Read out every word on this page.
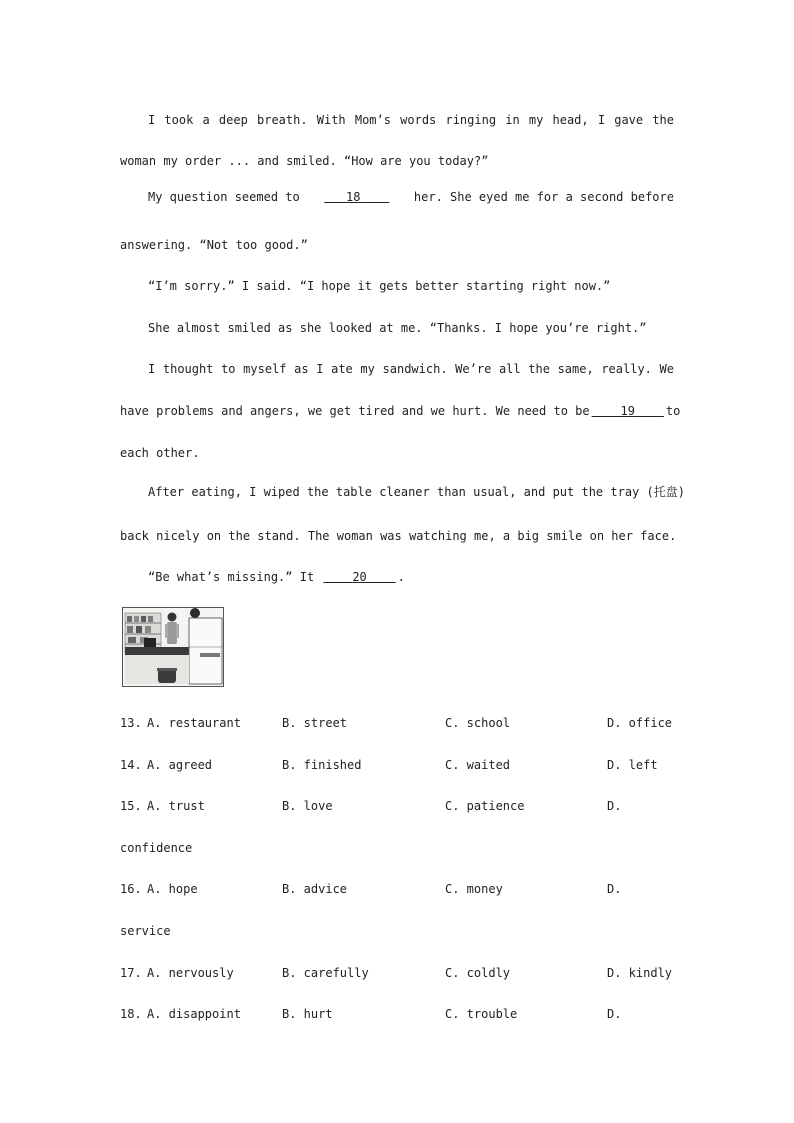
I took a deep breath. With Mom’s words ringing in my head, I gave the
woman my order ... and smiled. “How are you today?”
My question seemed to	18	her. She eyed me for a second before
answering. “Not too good.”
“I’m sorry.” I said. “I hope it gets better starting right now.”
She almost smiled as she looked at me. “Thanks. I hope you’re right.”
I thought to myself as I ate my sandwich. We’re all the same, really. We
have problems and angers, we get tired and we hurt. We need to be	19	to
each other.
After eating, I wiped the table cleaner than usual, and put the tray (托盘)
back nicely on the stand. The woman was watching me, a big smile on her face.
“Be what’s missing.” It	20	.
13. A. restaurant	B. street	C. school	D. office
14. A. agreed	B. finished	C. waited	D. left
15. A. trust	B. love	C. patience	D.
confidence
16. A. hope	B. advice	C. money	D.
service
17. A. nervously	B. carefully	C. coldly	D. kindly
18. A. disappoint	B. hurt	C. trouble	D.
